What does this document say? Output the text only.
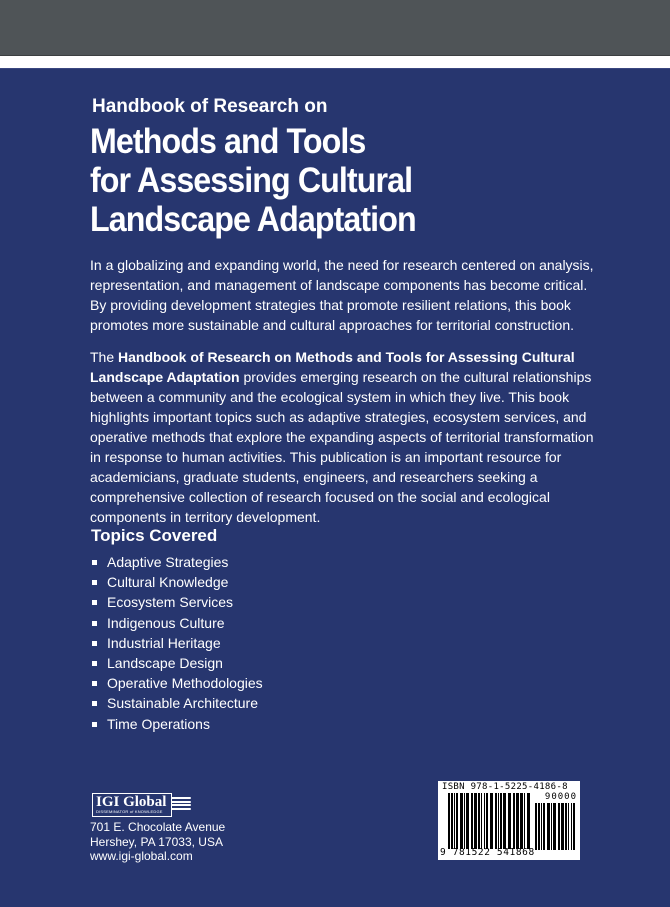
Handbook of Research on
Methods and Tools
for Assessing Cultural
Landscape Adaptation
In a globalizing and expanding world, the need for research centered on analysis, representation, and management of landscape components has become critical. By providing development strategies that promote resilient relations, this book promotes more sustainable and cultural approaches for territorial construction.
The Handbook of Research on Methods and Tools for Assessing Cultural Landscape Adaptation provides emerging research on the cultural relationships between a community and the ecological system in which they live. This book highlights important topics such as adaptive strategies, ecosystem services, and operative methods that explore the expanding aspects of territorial transformation in response to human activities. This publication is an important resource for academicians, graduate students, engineers, and researchers seeking a comprehensive collection of research focused on the social and ecological components in territory development.
Topics Covered
Adaptive Strategies
Cultural Knowledge
Ecosystem Services
Indigenous Culture
Industrial Heritage
Landscape Design
Operative Methodologies
Sustainable Architecture
Time Operations
IGI Global
DISSEMINATOR of KNOWLEDGE
701 E. Chocolate Avenue
Hershey, PA 17033, USA
www.igi-global.com
ISBN 978-1-5225-4186-8
90000
9 781522 541868
